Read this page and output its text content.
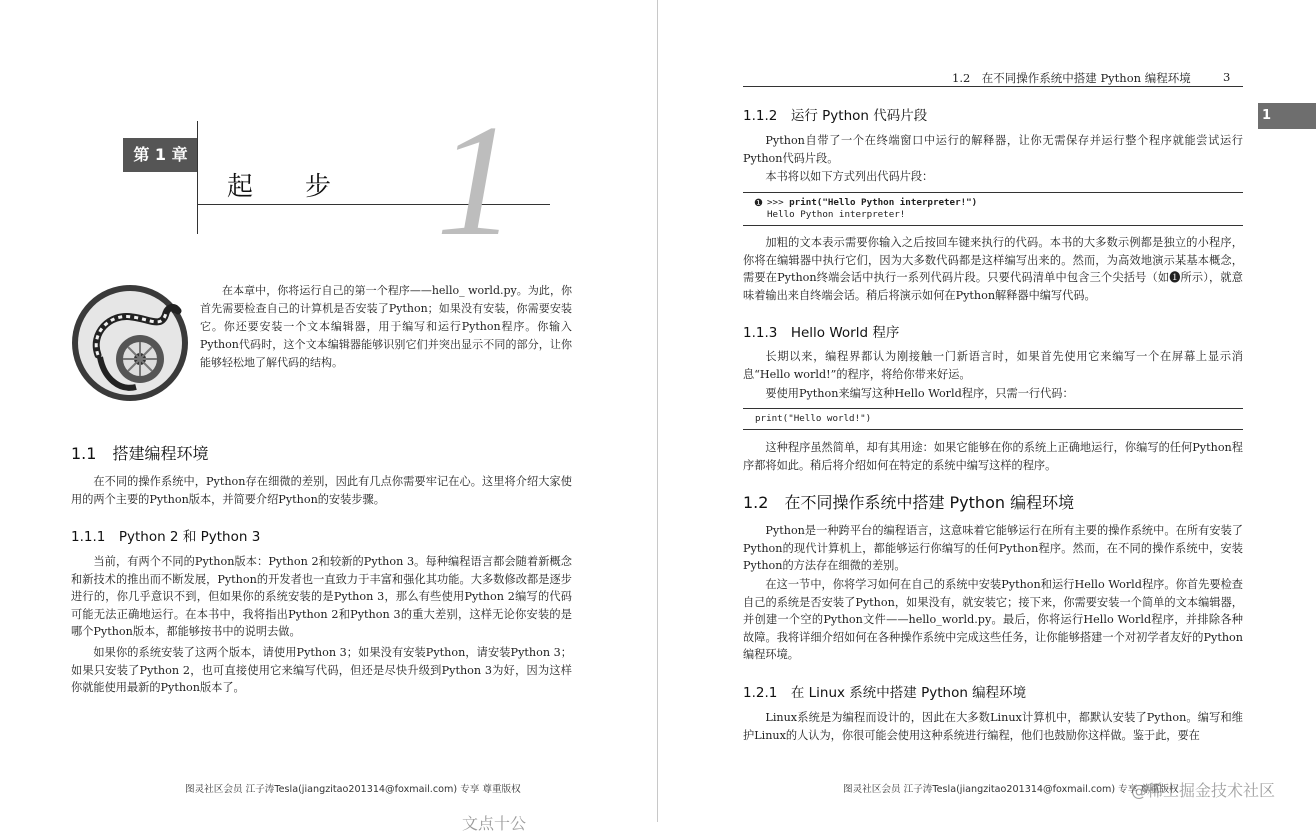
第 1 章
起　　步 1

在本章中，你将运行自己的第一个程序——hello_ world.py。为此，你首先需要检查自己的计算机是否安装了Python；如果没有安装，你需要安装它。你还要安装一个文本编辑器，用于编写和运行Python程序。你输入Python代码时，这个文本编辑器能够识别它们并突出显示不同的部分，让你能够轻松地了解代码的结构。

1.1　搭建编程环境

在不同的操作系统中，Python存在细微的差别，因此有几点你需要牢记在心。这里将介绍大家使用的两个主要的Python版本，并简要介绍Python的安装步骤。

1.1.1　Python 2 和 Python 3

当前，有两个不同的Python版本：Python 2和较新的Python 3。每种编程语言都会随着新概念和新技术的推出而不断发展，Python的开发者也一直致力于丰富和强化其功能。大多数修改都是逐步进行的，你几乎意识不到，但如果你的系统安装的是Python 3，那么有些使用Python 2编写的代码可能无法正确地运行。在本书中，我将指出Python 2和Python 3的重大差别，这样无论你安装的是哪个Python版本，都能够按书中的说明去做。

如果你的系统安装了这两个版本，请使用Python 3；如果没有安装Python，请安装Python 3；如果只安装了Python 2，也可直接使用它来编写代码，但还是尽快升级到Python 3为好，因为这样你就能使用最新的Python版本了。

图灵社区会员 江子涛Tesla(jiangzitao201314@foxmail.com) 专享 尊重版权
文点十公
1.2　在不同操作系统中搭建 Python 编程环境	3
1
1.1.2　运行 Python 代码片段

Python自带了一个在终端窗口中运行的解释器，让你无需保存并运行整个程序就能尝试运行Python代码片段。

本书将以如下方式列出代码片段：

❶ >>> print("Hello Python interpreter!")
Hello Python interpreter!

加粗的文本表示需要你输入之后按回车键来执行的代码。本书的大多数示例都是独立的小程序，你将在编辑器中执行它们，因为大多数代码都是这样编写出来的。然而，为高效地演示某基本概念，需要在Python终端会话中执行一系列代码片段。只要代码清单中包含三个尖括号（如❶所示），就意味着输出来自终端会话。稍后将演示如何在Python解释器中编写代码。

1.1.3　Hello World 程序

长期以来，编程界都认为刚接触一门新语言时，如果首先使用它来编写一个在屏幕上显示消息“Hello world!”的程序，将给你带来好运。

要使用Python来编写这种Hello World程序，只需一行代码：

print("Hello world!")

这种程序虽然简单，却有其用途：如果它能够在你的系统上正确地运行，你编写的任何Python程序都将如此。稍后将介绍如何在特定的系统中编写这样的程序。

1.2　在不同操作系统中搭建 Python 编程环境

Python是一种跨平台的编程语言，这意味着它能够运行在所有主要的操作系统中。在所有安装了Python的现代计算机上，都能够运行你编写的任何Python程序。然而，在不同的操作系统中，安装Python的方法存在细微的差别。

在这一节中，你将学习如何在自己的系统中安装Python和运行Hello World程序。你首先要检查自己的系统是否安装了Python，如果没有，就安装它；接下来，你需要安装一个简单的文本编辑器，并创建一个空的Python文件——hello_world.py。最后，你将运行Hello World程序，并排除各种故障。我将详细介绍如何在各种操作系统中完成这些任务，让你能够搭建一个对初学者友好的Python编程环境。

1.2.1　在 Linux 系统中搭建 Python 编程环境

Linux系统是为编程而设计的，因此在大多数Linux计算机中，都默认安装了Python。编写和维护Linux的人认为，你很可能会使用这种系统进行编程，他们也鼓励你这样做。鉴于此，要在

图灵社区会员 江子涛Tesla(jiangzitao201314@foxmail.com) 专享 尊重版权
@稀土掘金技术社区
